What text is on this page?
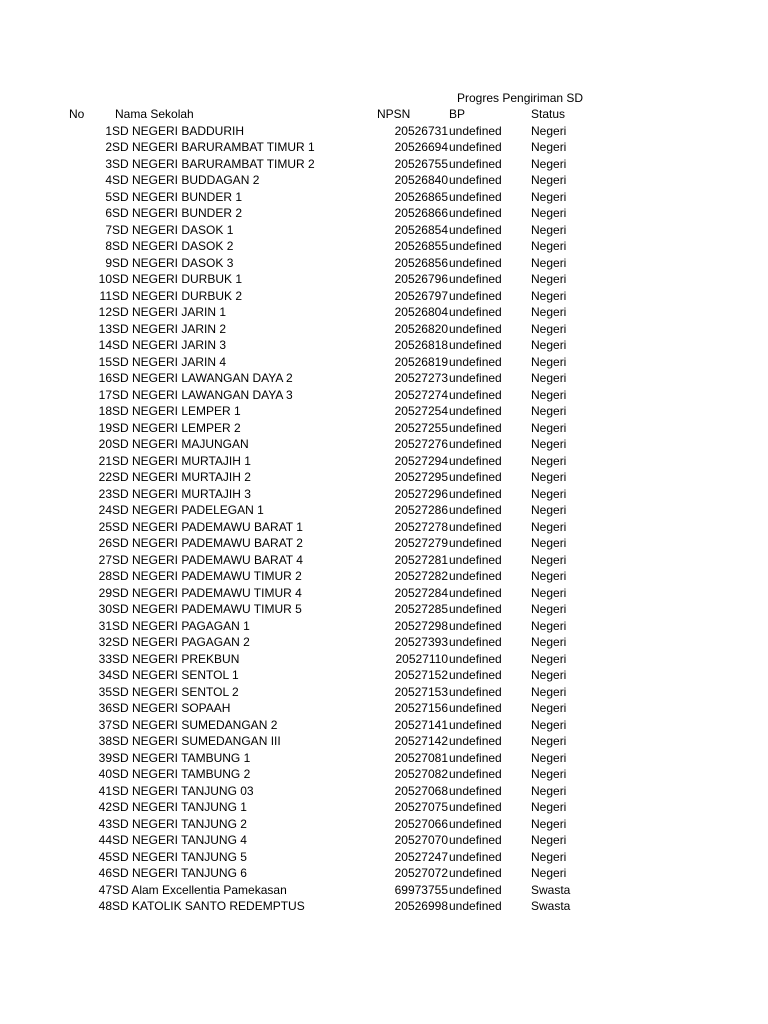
Progres Pengiriman SD
No	Nama Sekolah	NPSN	BP	Status
1 SD NEGERI BADDURIH	20526731 undefined Negeri
2 SD NEGERI BARURAMBAT TIMUR 1	20526694 undefined Negeri
3 SD NEGERI BARURAMBAT TIMUR 2	20526755 undefined Negeri
4 SD NEGERI BUDDAGAN 2	20526840 undefined Negeri
5 SD NEGERI BUNDER 1	20526865 undefined Negeri
6 SD NEGERI BUNDER 2	20526866 undefined Negeri
7 SD NEGERI DASOK 1	20526854 undefined Negeri
8 SD NEGERI DASOK 2	20526855 undefined Negeri
9 SD NEGERI DASOK 3	20526856 undefined Negeri
10 SD NEGERI DURBUK 1	20526796 undefined Negeri
11 SD NEGERI DURBUK 2	20526797 undefined Negeri
12 SD NEGERI JARIN 1	20526804 undefined Negeri
13 SD NEGERI JARIN 2	20526820 undefined Negeri
14 SD NEGERI JARIN 3	20526818 undefined Negeri
15 SD NEGERI JARIN 4	20526819 undefined Negeri
16 SD NEGERI LAWANGAN DAYA 2	20527273 undefined Negeri
17 SD NEGERI LAWANGAN DAYA 3	20527274 undefined Negeri
18 SD NEGERI LEMPER 1	20527254 undefined Negeri
19 SD NEGERI LEMPER 2	20527255 undefined Negeri
20 SD NEGERI MAJUNGAN	20527276 undefined Negeri
21 SD NEGERI MURTAJIH 1	20527294 undefined Negeri
22 SD NEGERI MURTAJIH 2	20527295 undefined Negeri
23 SD NEGERI MURTAJIH 3	20527296 undefined Negeri
24 SD NEGERI PADELEGAN 1	20527286 undefined Negeri
25 SD NEGERI PADEMAWU BARAT 1	20527278 undefined Negeri
26 SD NEGERI PADEMAWU BARAT 2	20527279 undefined Negeri
27 SD NEGERI PADEMAWU BARAT 4	20527281 undefined Negeri
28 SD NEGERI PADEMAWU TIMUR 2	20527282 undefined Negeri
29 SD NEGERI PADEMAWU TIMUR 4	20527284 undefined Negeri
30 SD NEGERI PADEMAWU TIMUR 5	20527285 undefined Negeri
31 SD NEGERI PAGAGAN 1	20527298 undefined Negeri
32 SD NEGERI PAGAGAN 2	20527393 undefined Negeri
33 SD NEGERI PREKBUN	20527110 undefined Negeri
34 SD NEGERI SENTOL 1	20527152 undefined Negeri
35 SD NEGERI SENTOL 2	20527153 undefined Negeri
36 SD NEGERI SOPAAH	20527156 undefined Negeri
37 SD NEGERI SUMEDANGAN 2	20527141 undefined Negeri
38 SD NEGERI SUMEDANGAN III	20527142 undefined Negeri
39 SD NEGERI TAMBUNG 1	20527081 undefined Negeri
40 SD NEGERI TAMBUNG 2	20527082 undefined Negeri
41 SD NEGERI TANJUNG 03	20527068 undefined Negeri
42 SD NEGERI TANJUNG 1	20527075 undefined Negeri
43 SD NEGERI TANJUNG 2	20527066 undefined Negeri
44 SD NEGERI TANJUNG 4	20527070 undefined Negeri
45 SD NEGERI TANJUNG 5	20527247 undefined Negeri
46 SD NEGERI TANJUNG 6	20527072 undefined Negeri
47 SD Alam Excellentia Pamekasan	69973755 undefined Swasta
48 SD KATOLIK SANTO REDEMPTUS	20526998 undefined Swasta
